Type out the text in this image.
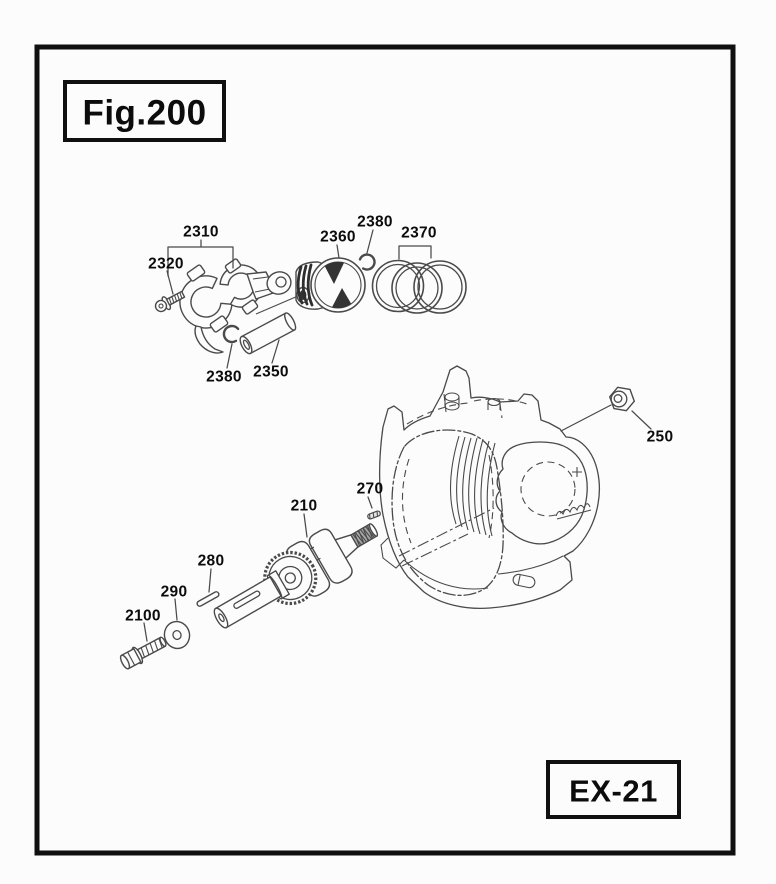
2310
2320
2380
2360	2370
2350
2380
250
270
210
280
290
2100
Fig.200
EX-21
